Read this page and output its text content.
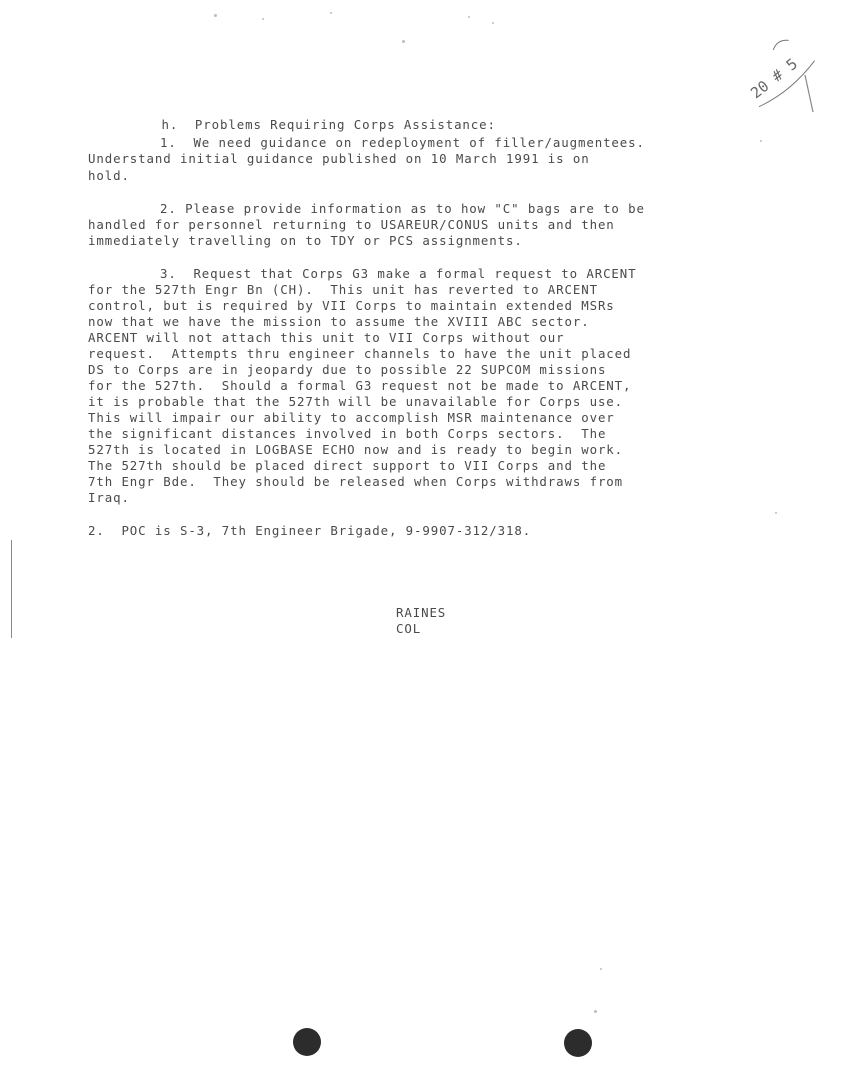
20 # 5

h. Problems Requiring Corps Assistance:

1.  We need guidance on redeployment of filler/augmentees.

Understand initial guidance published on 10 March 1991 is on

hold.

2. Please provide information as to how "C" bags are to be

handled for personnel returning to USAREUR/CONUS units and then

immediately travelling on to TDY or PCS assignments.

3.  Request that Corps G3 make a formal request to ARCENT

for the 527th Engr Bn (CH).  This unit has reverted to ARCENT

control, but is required by VII Corps to maintain extended MSRs

now that we have the mission to assume the XVIII ABC sector.

ARCENT will not attach this unit to VII Corps without our

request.  Attempts thru engineer channels to have the unit placed

DS to Corps are in jeopardy due to possible 22 SUPCOM missions

for the 527th.  Should a formal G3 request not be made to ARCENT,

it is probable that the 527th will be unavailable for Corps use.

This will impair our ability to accomplish MSR maintenance over

the significant distances involved in both Corps sectors.  The

527th is located in LOGBASE ECHO now and is ready to begin work.

The 527th should be placed direct support to VII Corps and the

7th Engr Bde.  They should be released when Corps withdraws from

Iraq.

2.  POC is S-3, 7th Engineer Brigade, 9-9907-312/318.

RAINES

COL
